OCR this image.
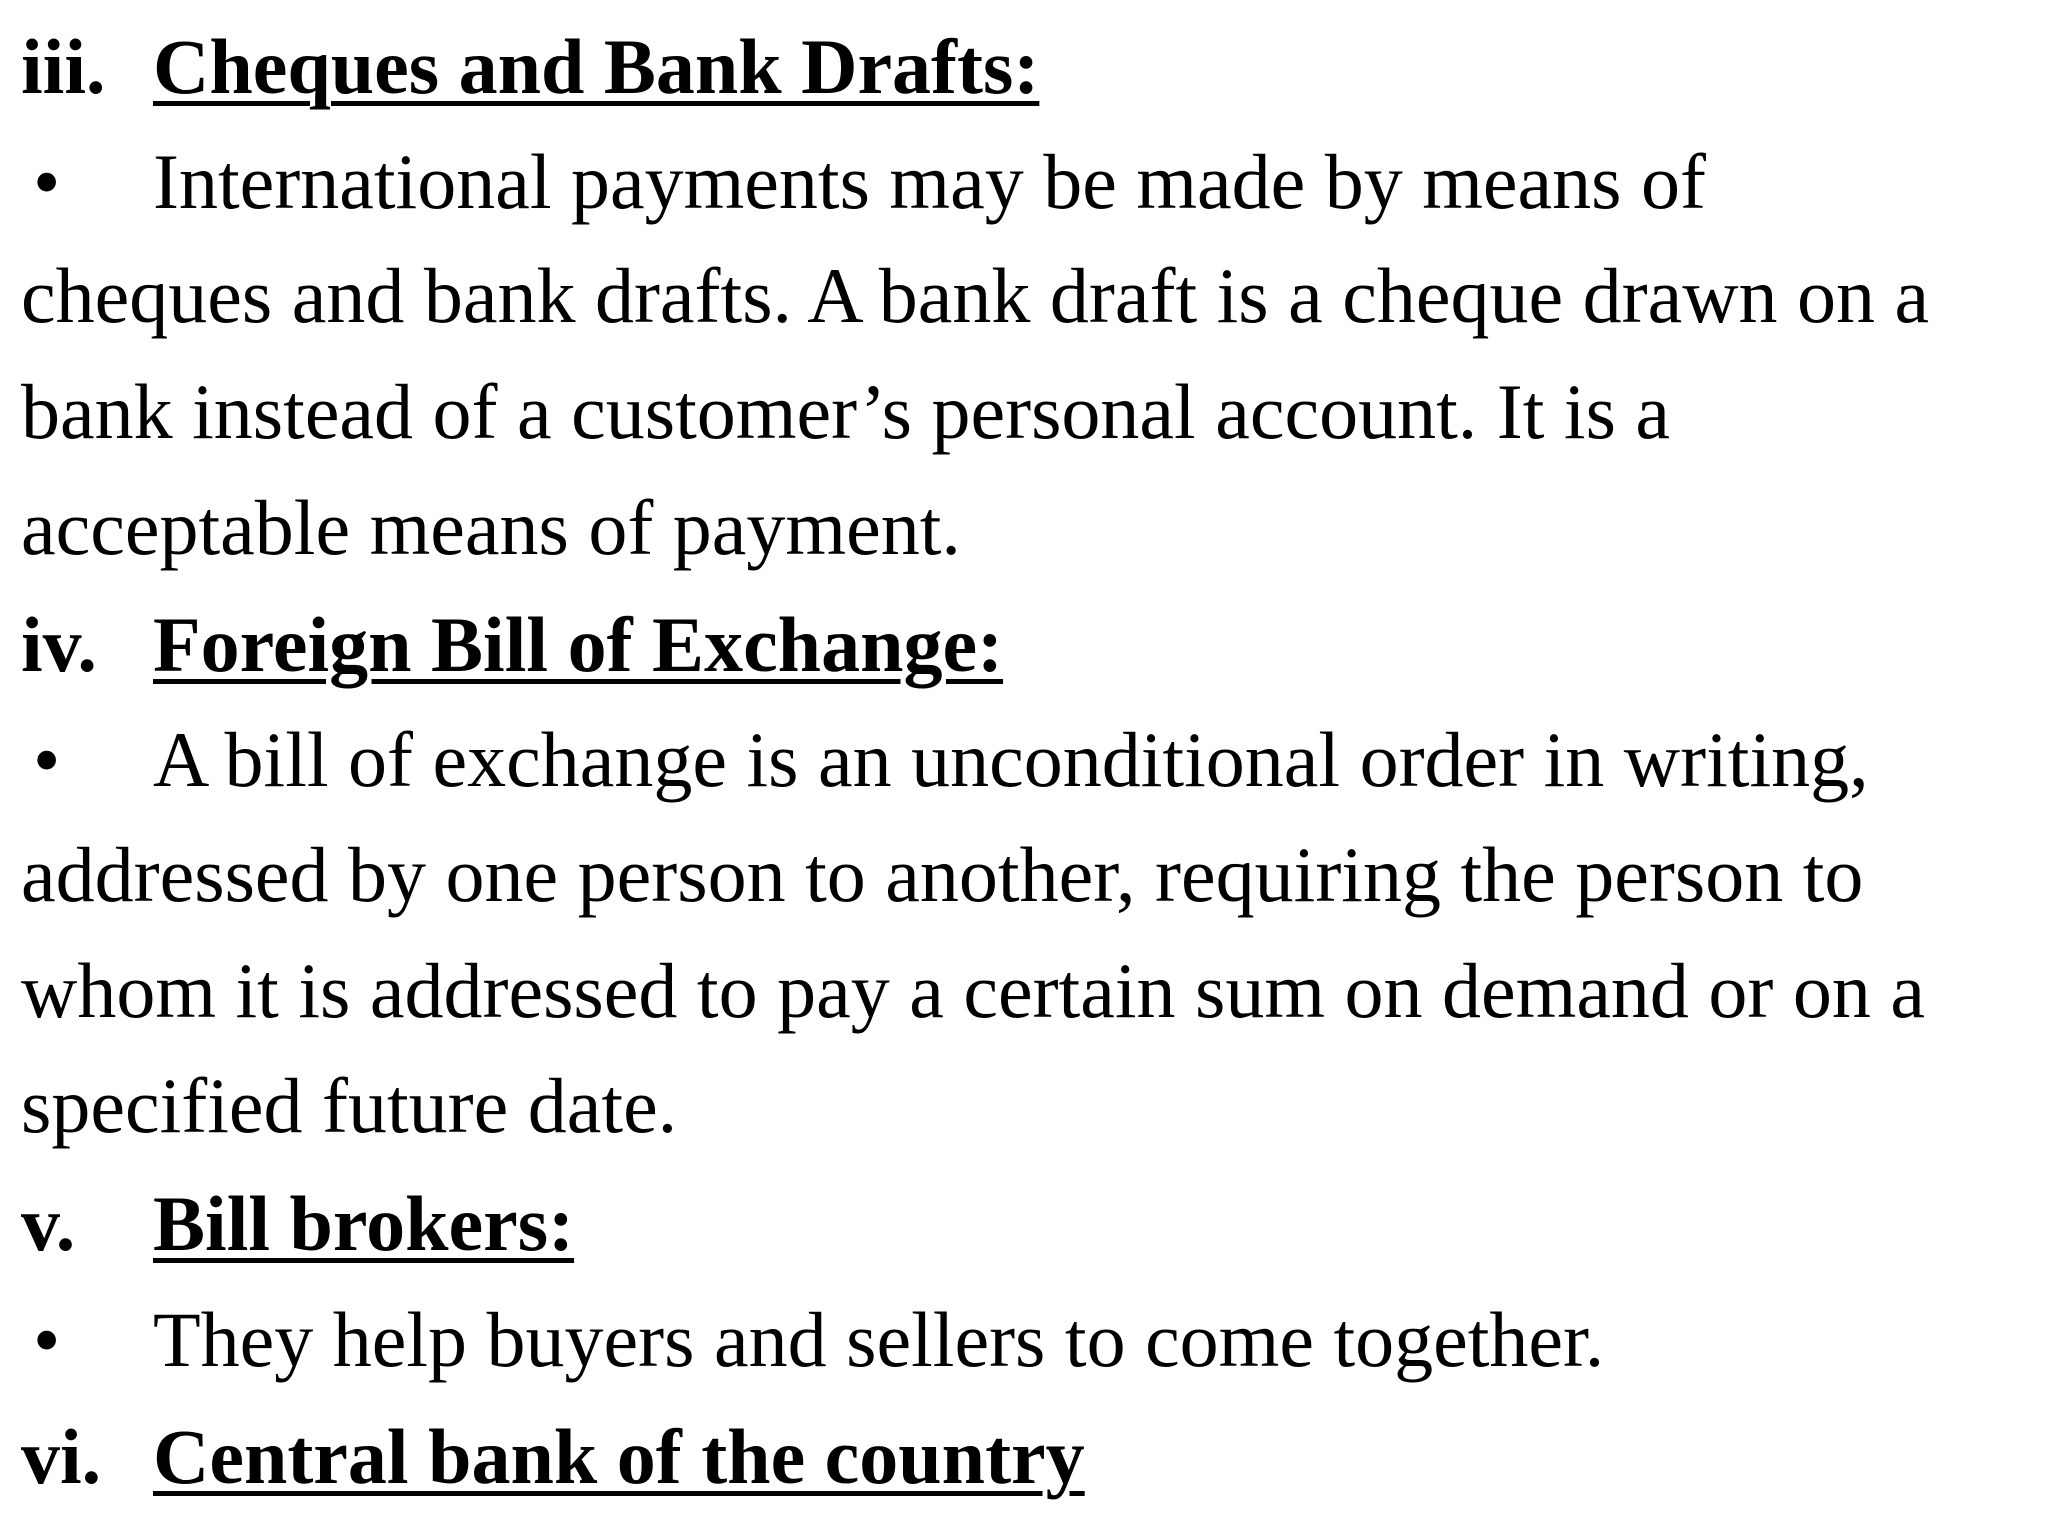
iii. Cheques and Bank Drafts:
• International payments may be made by means of
cheques and bank drafts. A bank draft is a cheque drawn on a
bank instead of a customer’s personal account. It is a
acceptable means of payment.
iv. Foreign Bill of Exchange:
• A bill of exchange is an unconditional order in writing,
addressed by one person to another, requiring the person to
whom it is addressed to pay a certain sum on demand or on a
specified future date.
v. Bill brokers:
• They help buyers and sellers to come together.
vi. Central bank of the country
